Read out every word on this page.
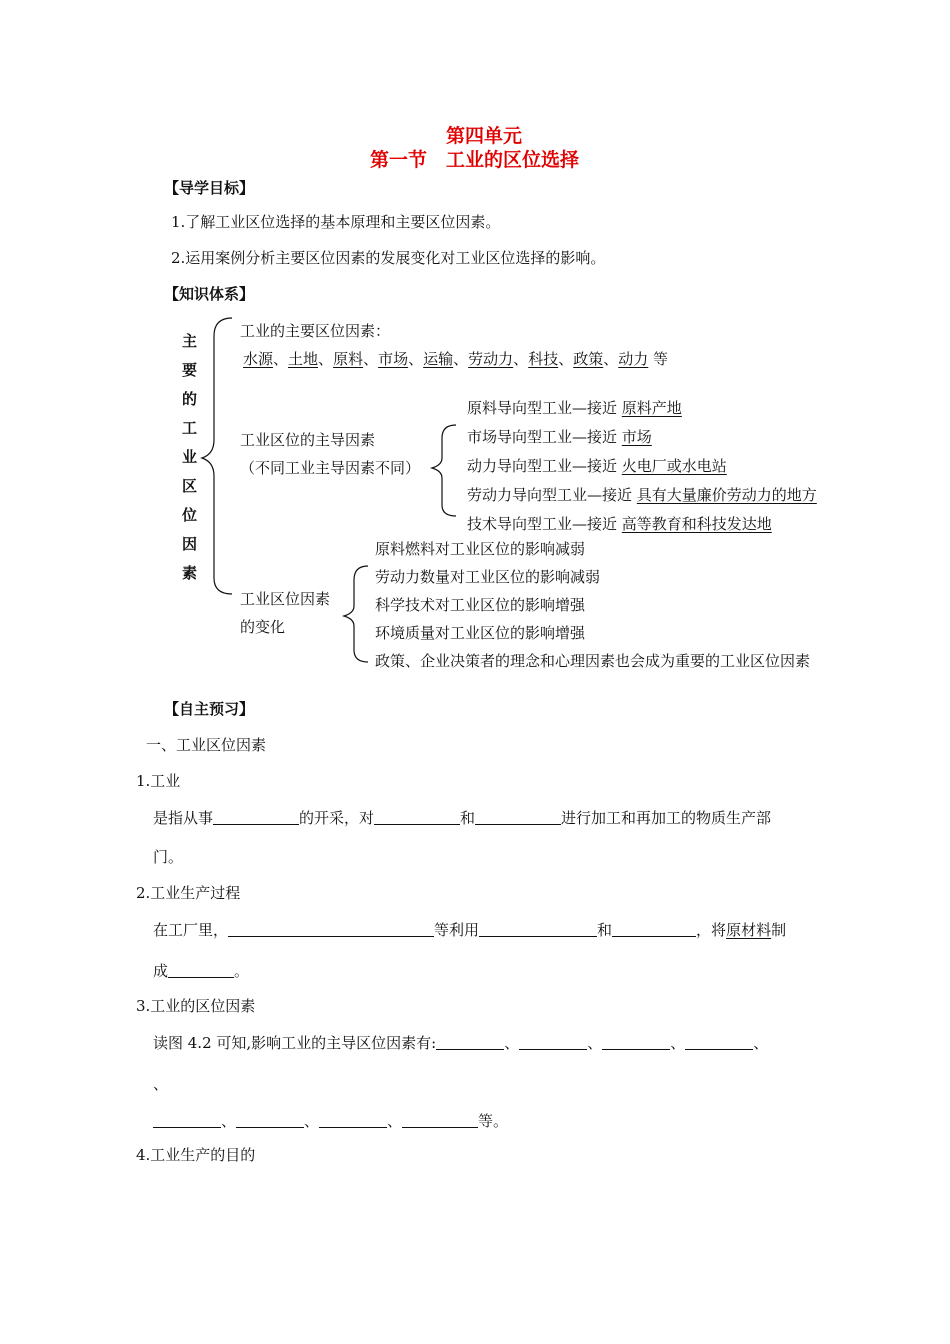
第四单元
第一节　工业的区位选择
【导学目标】
1.了解工业区位选择的基本原理和主要区位因素。
2.运用案例分析主要区位因素的发展变化对工业区位选择的影响。
【知识体系】
主
要
的
工
业
区
位
因
素
工业的主要区位因素：
水源、土地、原料、市场、运输、劳动力、科技、政策、动力 等
工业区位的主导因素
（不同工业主导因素不同）
原料导向型工业—接近 原料产地
市场导向型工业—接近 市场
动力导向型工业—接近 火电厂或水电站
劳动力导向型工业—接近 具有大量廉价劳动力的地方
技术导向型工业—接近 高等教育和科技发达地
工业区位因素
的变化
原料燃料对工业区位的影响减弱
劳动力数量对工业区位的影响减弱
科学技术对工业区位的影响增强
环境质量对工业区位的影响增强
政策、企业决策者的理念和心理因素也会成为重要的工业区位因素
【自主预习】
一、工业区位因素
1.工业
是指从事	的开采，对	和	进行加工和再加工的物质生产部
门。
2.工业生产过程
在工厂里，	等利用	和	，将原材料制
成	。
3.工业的区位因素
读图 4.2 可知,影响工业的主导区位因素有:	、	、	、	、
、
、	、	、	等。
4.工业生产的目的
